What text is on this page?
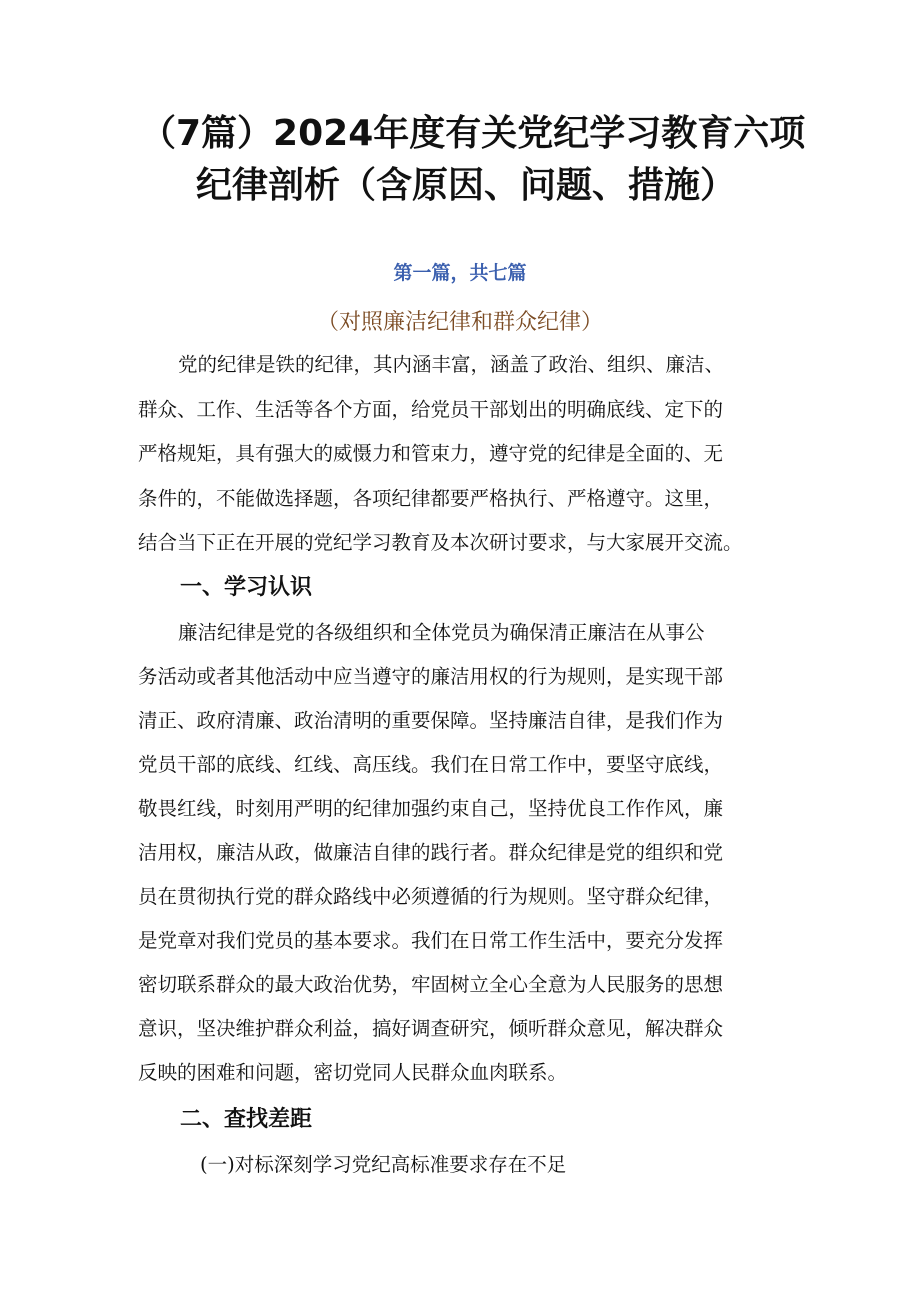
（7篇）2024年度有关党纪学习教育六项
纪律剖析（含原因、问题、措施）

第一篇，共七篇

（对照廉洁纪律和群众纪律）

党的纪律是铁的纪律，其内涵丰富，涵盖了政治、组织、廉洁、

群众、工作、生活等各个方面，给党员干部划出的明确底线、定下的

严格规矩，具有强大的威慑力和管束力，遵守党的纪律是全面的、无

条件的，不能做选择题，各项纪律都要严格执行、严格遵守。这里，

结合当下正在开展的党纪学习教育及本次研讨要求，与大家展开交流。

一、学习认识

廉洁纪律是党的各级组织和全体党员为确保清正廉洁在从事公

务活动或者其他活动中应当遵守的廉洁用权的行为规则，是实现干部

清正、政府清廉、政治清明的重要保障。坚持廉洁自律，是我们作为

党员干部的底线、红线、高压线。我们在日常工作中，要坚守底线，

敬畏红线，时刻用严明的纪律加强约束自己，坚持优良工作作风，廉

洁用权，廉洁从政，做廉洁自律的践行者。群众纪律是党的组织和党

员在贯彻执行党的群众路线中必须遵循的行为规则。坚守群众纪律，

是党章对我们党员的基本要求。我们在日常工作生活中，要充分发挥

密切联系群众的最大政治优势，牢固树立全心全意为人民服务的思想

意识，坚决维护群众利益，搞好调查研究，倾听群众意见，解决群众

反映的困难和问题，密切党同人民群众血肉联系。

二、查找差距

(一)对标深刻学习党纪高标准要求存在不足
